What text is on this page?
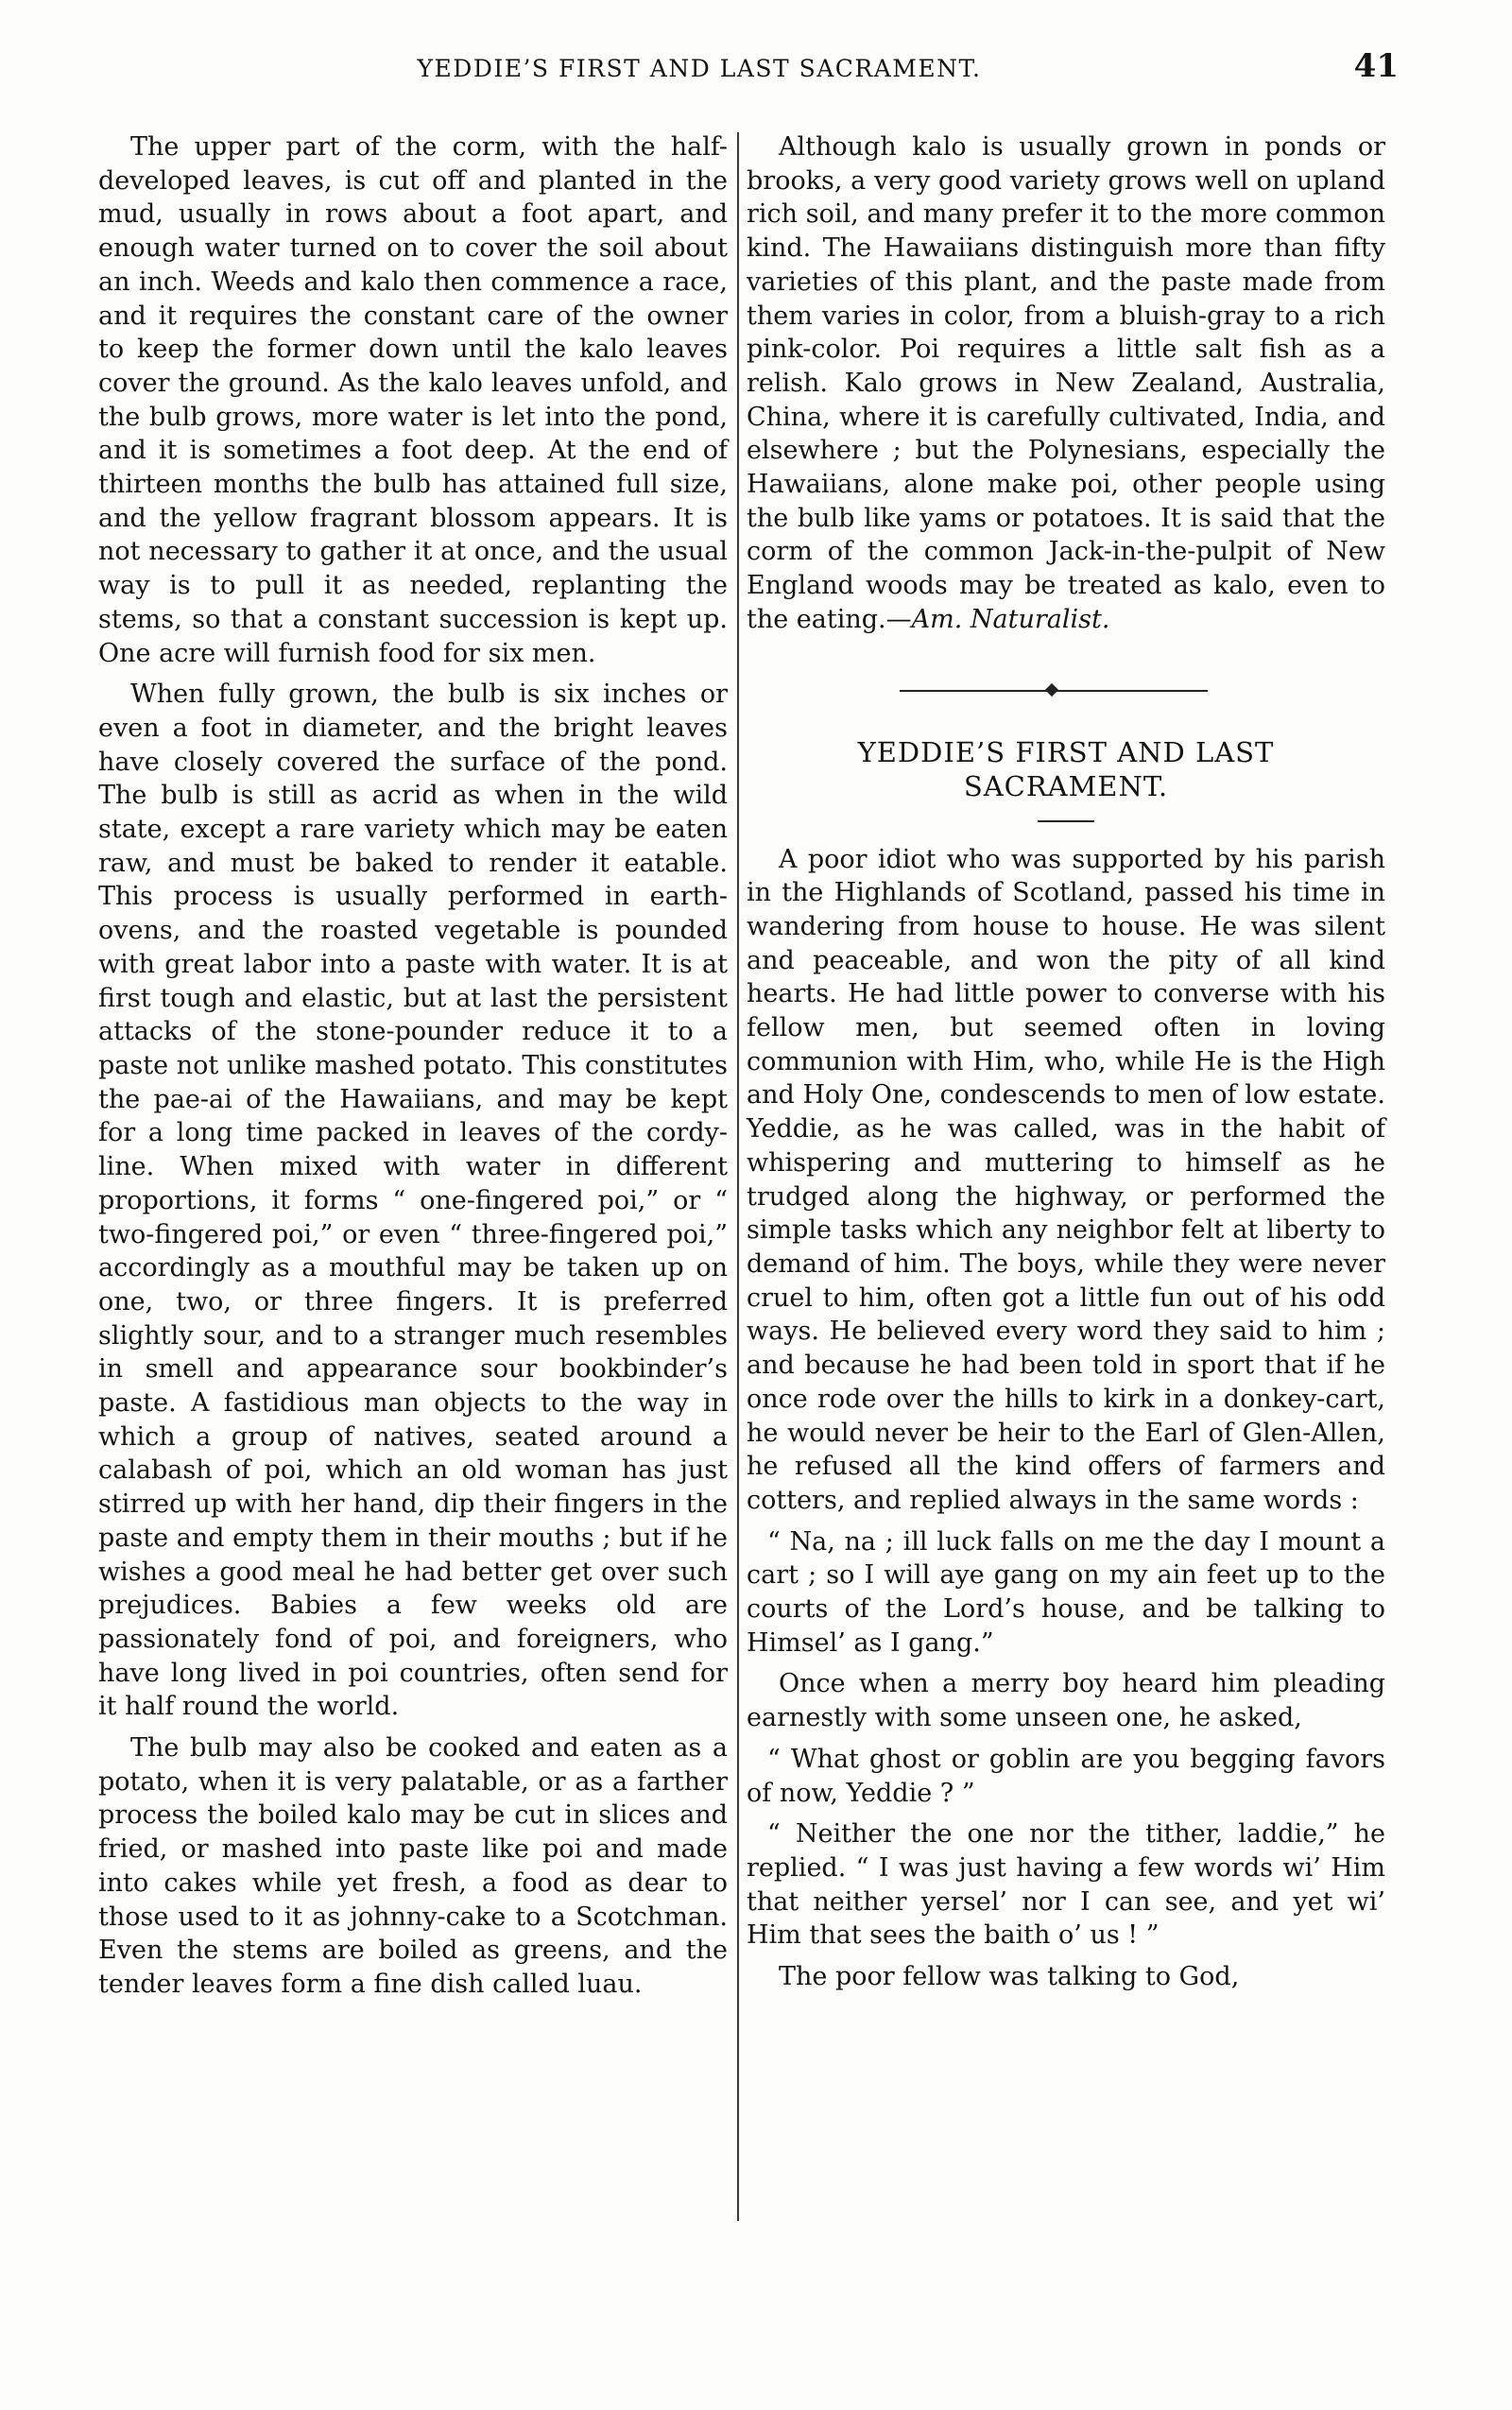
YEDDIE’S FIRST AND LAST SACRAMENT.	41

The upper part of the corm, with the half-developed leaves, is cut off and planted in the mud, usually in rows about a foot apart, and enough water turned on to cover the soil about an inch. Weeds and kalo then commence a race, and it requires the constant care of the owner to keep the former down until the kalo leaves cover the ground. As the kalo leaves unfold, and the bulb grows, more water is let into the pond, and it is sometimes a foot deep. At the end of thirteen months the bulb has attained full size, and the yellow fragrant blossom appears. It is not necessary to gather it at once, and the usual way is to pull it as needed, replanting the stems, so that a constant succession is kept up. One acre will furnish food for six men.

When fully grown, the bulb is six inches or even a foot in diameter, and the bright leaves have closely covered the surface of the pond. The bulb is still as acrid as when in the wild state, except a rare variety which may be eaten raw, and must be baked to render it eatable. This process is usually performed in earth-ovens, and the roasted vegetable is pounded with great labor into a paste with water. It is at first tough and elastic, but at last the persistent attacks of the stone-pounder reduce it to a paste not unlike mashed potato. This constitutes the pae-ai of the Hawaiians, and may be kept for a long time packed in leaves of the cordy-line. When mixed with water in different proportions, it forms “ one-fingered poi,” or “ two-fingered poi,” or even “ three-fingered poi,” accordingly as a mouthful may be taken up on one, two, or three fingers. It is preferred slightly sour, and to a stranger much resembles in smell and appearance sour bookbinder’s paste. A fastidious man objects to the way in which a group of natives, seated around a calabash of poi, which an old woman has just stirred up with her hand, dip their fingers in the paste and empty them in their mouths ; but if he wishes a good meal he had better get over such prejudices. Babies a few weeks old are passionately fond of poi, and foreigners, who have long lived in poi countries, often send for it half round the world.

The bulb may also be cooked and eaten as a potato, when it is very palatable, or as a farther process the boiled kalo may be cut in slices and fried, or mashed into paste like poi and made into cakes while yet fresh, a food as dear to those used to it as johnny-cake to a Scotchman. Even the stems are boiled as greens, and the tender leaves form a fine dish called luau.

Although kalo is usually grown in ponds or brooks, a very good variety grows well on upland rich soil, and many prefer it to the more common kind. The Hawaiians distinguish more than fifty varieties of this plant, and the paste made from them varies in color, from a bluish-gray to a rich pink-color. Poi requires a little salt fish as a relish. Kalo grows in New Zealand, Australia, China, where it is carefully cultivated, India, and elsewhere ; but the Polynesians, especially the Hawaiians, alone make poi, other people using the bulb like yams or potatoes. It is said that the corm of the common Jack-in-the-pulpit of New England woods may be treated as kalo, even to the eating.—Am. Naturalist.

YEDDIE’S FIRST AND LAST SACRAMENT.

A poor idiot who was supported by his parish in the Highlands of Scotland, passed his time in wandering from house to house. He was silent and peaceable, and won the pity of all kind hearts. He had little power to converse with his fellow men, but seemed often in loving communion with Him, who, while He is the High and Holy One, condescends to men of low estate. Yeddie, as he was called, was in the habit of whispering and muttering to himself as he trudged along the highway, or performed the simple tasks which any neighbor felt at liberty to demand of him. The boys, while they were never cruel to him, often got a little fun out of his odd ways. He believed every word they said to him ; and because he had been told in sport that if he once rode over the hills to kirk in a donkey-cart, he would never be heir to the Earl of Glen-Allen, he refused all the kind offers of farmers and cotters, and replied always in the same words :

“ Na, na ; ill luck falls on me the day I mount a cart ; so I will aye gang on my ain feet up to the courts of the Lord’s house, and be talking to Himsel’ as I gang.”

Once when a merry boy heard him pleading earnestly with some unseen one, he asked,

“ What ghost or goblin are you begging favors of now, Yeddie ? ”

“ Neither the one nor the tither, laddie,” he replied. “ I was just having a few words wi’ Him that neither yersel’ nor I can see, and yet wi’ Him that sees the baith o’ us ! ”

The poor fellow was talking to God,
